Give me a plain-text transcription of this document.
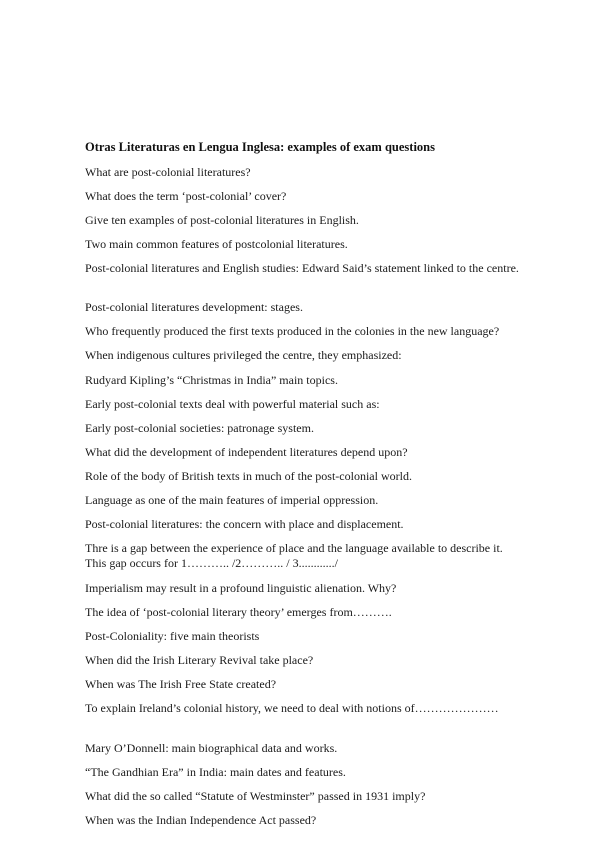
Otras Literaturas en Lengua Inglesa: examples of exam questions
What are post-colonial literatures?
What does the term ‘post-colonial’ cover?
Give ten examples of post-colonial literatures in English.
Two main common features of postcolonial literatures.
Post-colonial literatures and English studies: Edward Said’s statement linked to the centre.
Post-colonial literatures development: stages.
Who frequently produced the first texts produced in the colonies in the new language?
When indigenous cultures privileged the centre, they emphasized:
Rudyard Kipling’s “Christmas in India” main topics.
Early post-colonial texts deal with powerful material such as:
Early post-colonial societies: patronage system.
What did the development of independent literatures depend upon?
Role of the body of British texts in much of the post-colonial world.
Language as one of the main features of imperial oppression.
Post-colonial literatures: the concern with place and displacement.
Thre is a gap between the experience of place and the language available to describe it. This gap occurs for 1……….. /2……….. / 3............/
Imperialism may result in a profound linguistic alienation. Why?
The idea of ‘post-colonial literary theory’ emerges from……….
Post-Coloniality: five main theorists
When did the Irish Literary Revival take place?
When was The Irish Free State created?
To explain Ireland’s colonial history, we need to deal with notions of…………………
Mary O’Donnell: main biographical data and works.
“The Gandhian Era” in India: main dates and features.
What did the so called “Statute of Westminster” passed in 1931 imply?
When was the Indian Independence Act passed?
